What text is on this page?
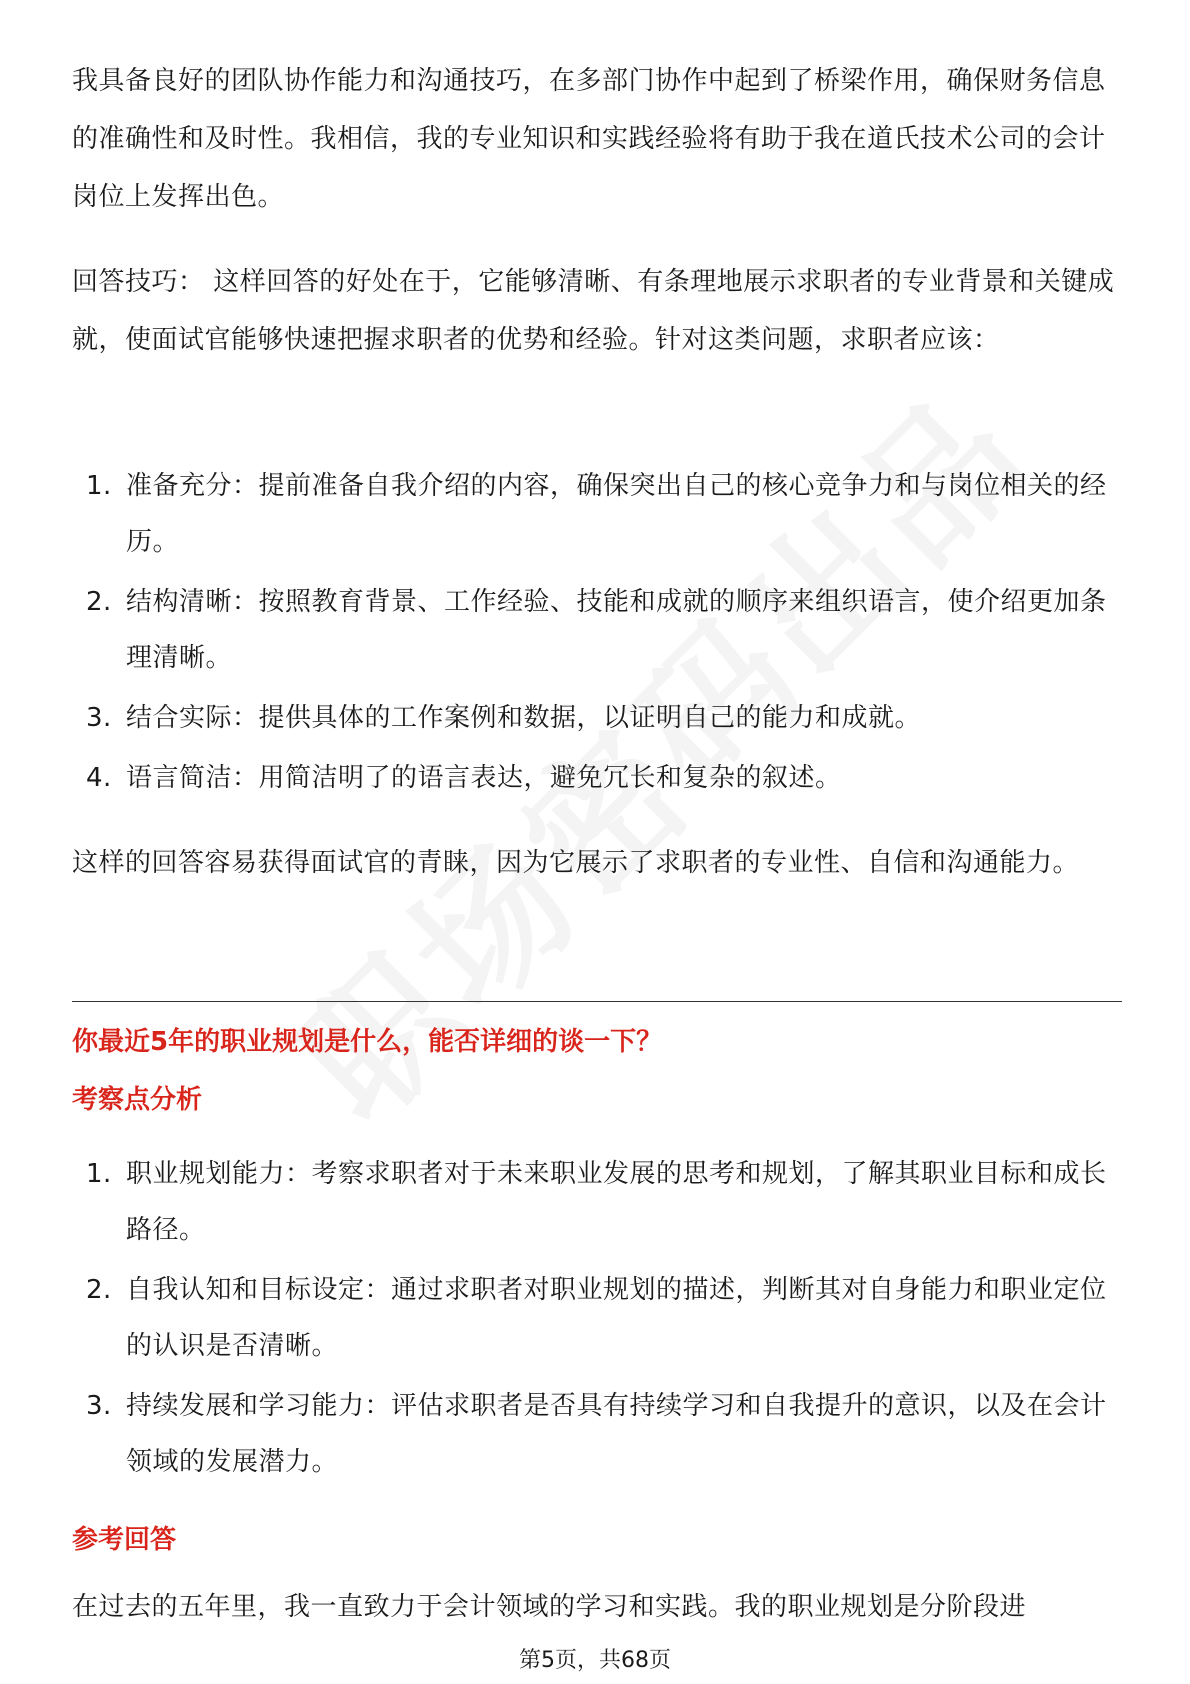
我具备良好的团队协作能力和沟通技巧，在多部门协作中起到了桥梁作用，确保财务信息的准确性和及时性。我相信，我的专业知识和实践经验将有助于我在道氏技术公司的会计岗位上发挥出色。

回答技巧： 这样回答的好处在于，它能够清晰、有条理地展示求职者的专业背景和关键成就，使面试官能够快速把握求职者的优势和经验。针对这类问题，求职者应该：

1. 准备充分：提前准备自我介绍的内容，确保突出自己的核心竞争力和与岗位相关的经历。
2. 结构清晰：按照教育背景、工作经验、技能和成就的顺序来组织语言，使介绍更加条理清晰。
3. 结合实际：提供具体的工作案例和数据，以证明自己的能力和成就。
4. 语言简洁：用简洁明了的语言表达，避免冗长和复杂的叙述。

这样的回答容易获得面试官的青睐，因为它展示了求职者的专业性、自信和沟通能力。

你最近5年的职业规划是什么，能否详细的谈一下？
考察点分析
1. 职业规划能力：考察求职者对于未来职业发展的思考和规划，了解其职业目标和成长路径。
2. 自我认知和目标设定：通过求职者对职业规划的描述，判断其对自身能力和职业定位的认识是否清晰。
3. 持续发展和学习能力：评估求职者是否具有持续学习和自我提升的意识，以及在会计领域的发展潜力。
参考回答

在过去的五年里，我一直致力于会计领域的学习和实践。我的职业规划是分阶段进

第5页，共68页
